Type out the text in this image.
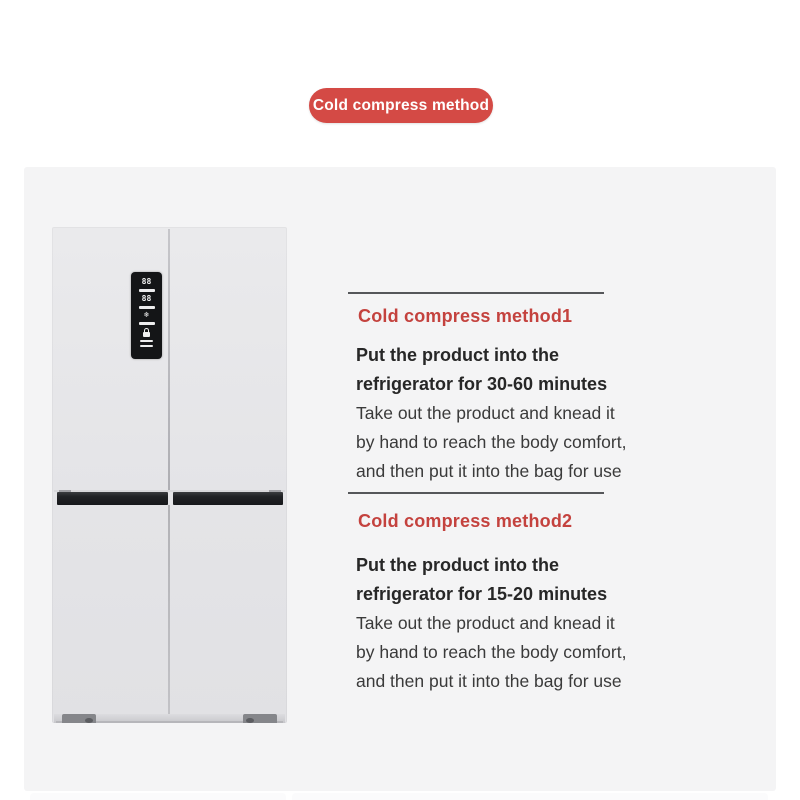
Cold compress method
88
88
❄	Cold compress method1
Put the product into the
refrigerator for 30-60 minutes
Take out the product and knead it
by hand to reach the body comfort,
and then put it into the bag for use
Cold compress method2
Put the product into the
refrigerator for 15-20 minutes
Take out the product and knead it
by hand to reach the body comfort,
and then put it into the bag for use
